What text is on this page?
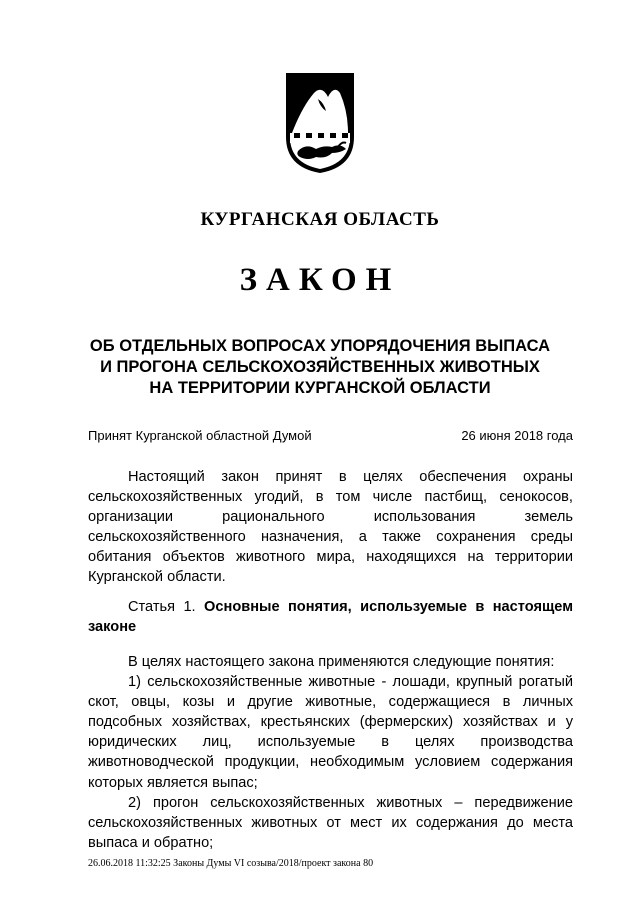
КУРГАНСКАЯ ОБЛАСТЬ
ЗАКОН
ОБ ОТДЕЛЬНЫХ ВОПРОСАХ УПОРЯДОЧЕНИЯ ВЫПАСА
И ПРОГОНА СЕЛЬСКОХОЗЯЙСТВЕННЫХ ЖИВОТНЫХ
НА ТЕРРИТОРИИ КУРГАНСКОЙ ОБЛАСТИ
Принят Курганской областной Думой	26 июня 2018 года

Настоящий закон принят в целях обеспечения охраны сельскохозяйственных угодий, в том числе пастбищ, сенокосов, организации рационального использования земель сельскохозяйственного назначения, а также сохранения среды обитания объектов животного мира, находящихся на территории Курганской области.

Статья 1. Основные понятия, используемые в настоящем законе

В целях настоящего закона применяются следующие понятия:

1) сельскохозяйственные животные - лошади, крупный рогатый скот, овцы, козы и другие животные, содержащиеся в личных подсобных хозяйствах, крестьянских (фермерских) хозяйствах и у юридических лиц, используемые в целях производства животноводческой продукции, необходимым условием содержания которых является выпас;

2) прогон сельскохозяйственных животных – передвижение сельскохозяйственных животных от мест их содержания до места выпаса и обратно;

26.06.2018 11:32:25 Законы Думы VI созыва/2018/проект закона 80
